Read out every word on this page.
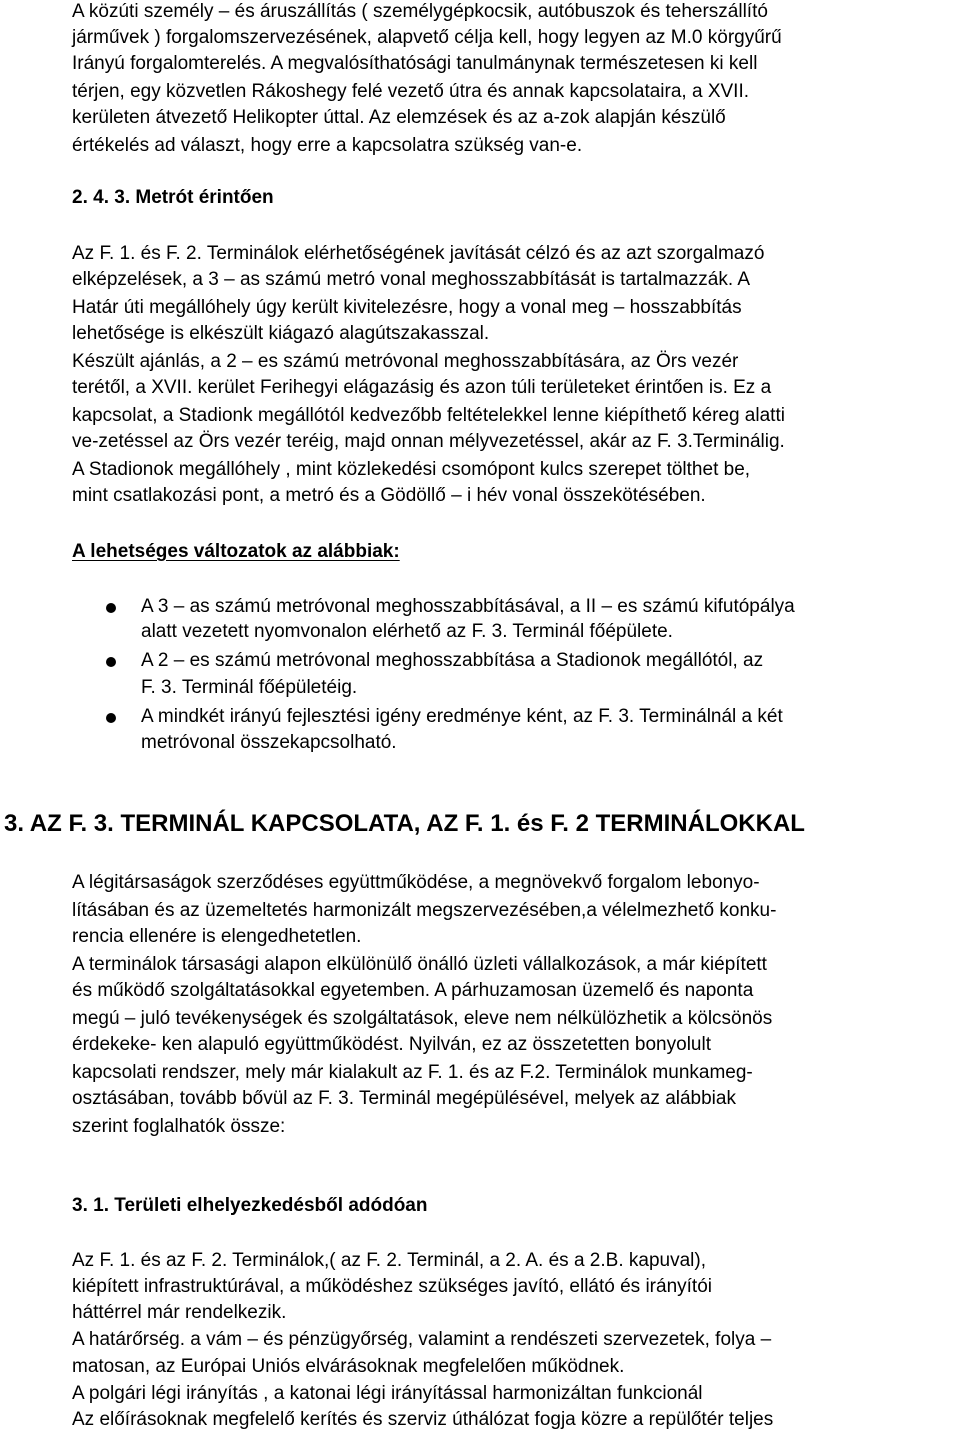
A közúti személy – és áruszállítás ( személygépkocsik, autóbuszok és teherszállító
járművek ) forgalomszervezésének, alapvető célja kell, hogy legyen az M.0 körgyűrű
Irányú forgalomterelés. A megvalósíthatósági tanulmánynak természetesen ki kell
térjen, egy közvetlen Rákoshegy felé vezető útra és annak kapcsolataira, a XVII.
kerületen átvezető Helikopter úttal. Az elemzések és az a-zok alapján készülő
értékelés ad választ, hogy erre a kapcsolatra szükség van-e.
2. 4. 3. Metrót érintően
Az F. 1. és F. 2. Terminálok elérhetőségének javítását célzó és az azt szorgalmazó
elképzelések, a 3 – as számú metró vonal meghosszabbítását is tartalmazzák. A
Határ úti megállóhely úgy került kivitelezésre, hogy a vonal meg – hosszabbítás
lehetősége is elkészült kiágazó alagútszakasszal.
Készült ajánlás, a 2 – es számú metróvonal meghosszabbítására, az Örs vezér
terétől, a XVII. kerület Ferihegyi elágazásig és azon túli területeket érintően is. Ez a
kapcsolat, a Stadionk megállótól kedvezőbb feltételekkel lenne kiépíthető kéreg alatti
ve-zetéssel az Örs vezér teréig, majd onnan mélyvezetéssel, akár az F. 3.Terminálig.
A Stadionok megállóhely , mint közlekedési csomópont kulcs szerepet tölthet be,
mint csatlakozási pont, a metró és a Gödöllő – i hév vonal összekötésében.
A lehetséges változatok az alábbiak:
A 3 – as számú metróvonal meghosszabbításával, a II – es számú kifutópálya
alatt vezetett nyomvonalon elérhető az F. 3. Terminál főépülete.
A 2 – es számú metróvonal meghosszabbítása a Stadionok megállótól, az
F. 3. Terminál főépületéig.
A mindkét irányú fejlesztési igény eredménye ként, az F. 3. Terminálnál a két
metróvonal összekapcsolható.
3. AZ F. 3. TERMINÁL KAPCSOLATA, AZ F. 1. és F. 2 TERMINÁLOKKAL
A légitársaságok szerződéses együttműködése, a megnövekvő forgalom lebonyo-
lításában és az üzemeltetés harmonizált megszervezésében,a vélelmezhető konku-
rencia ellenére is elengedhetetlen.
A terminálok társasági alapon elkülönülő önálló üzleti vállalkozások, a már kiépített
és működő szolgáltatásokkal egyetemben. A párhuzamosan üzemelő és naponta
megú – juló tevékenységek és szolgáltatások, eleve nem nélkülözhetik a kölcsönös
érdekeke- ken alapuló együttműködést. Nyilván, ez az összetetten bonyolult
kapcsolati rendszer, mely már kialakult az F. 1. és az F.2. Terminálok munkameg-
osztásában, tovább bővül az F. 3. Terminál megépülésével, melyek az alábbiak
szerint foglalhatók össze:
3. 1. Területi elhelyezkedésből adódóan
Az F. 1. és az F. 2. Terminálok,( az F. 2. Terminál, a 2. A. és a 2.B. kapuval),
kiépített infrastruktúrával, a működéshez szükséges javító, ellátó és irányítói
háttérrel már rendelkezik.
A határőrség. a vám – és pénzügyőrség, valamint a rendészeti szervezetek, folya –
matosan, az Európai Uniós elvárásoknak megfelelően működnek.
A polgári légi irányítás , a katonai légi irányítással harmonizáltan funkcionál
Az előírásoknak megfelelő kerítés és szerviz úthálózat fogja közre a repülőtér teljes
